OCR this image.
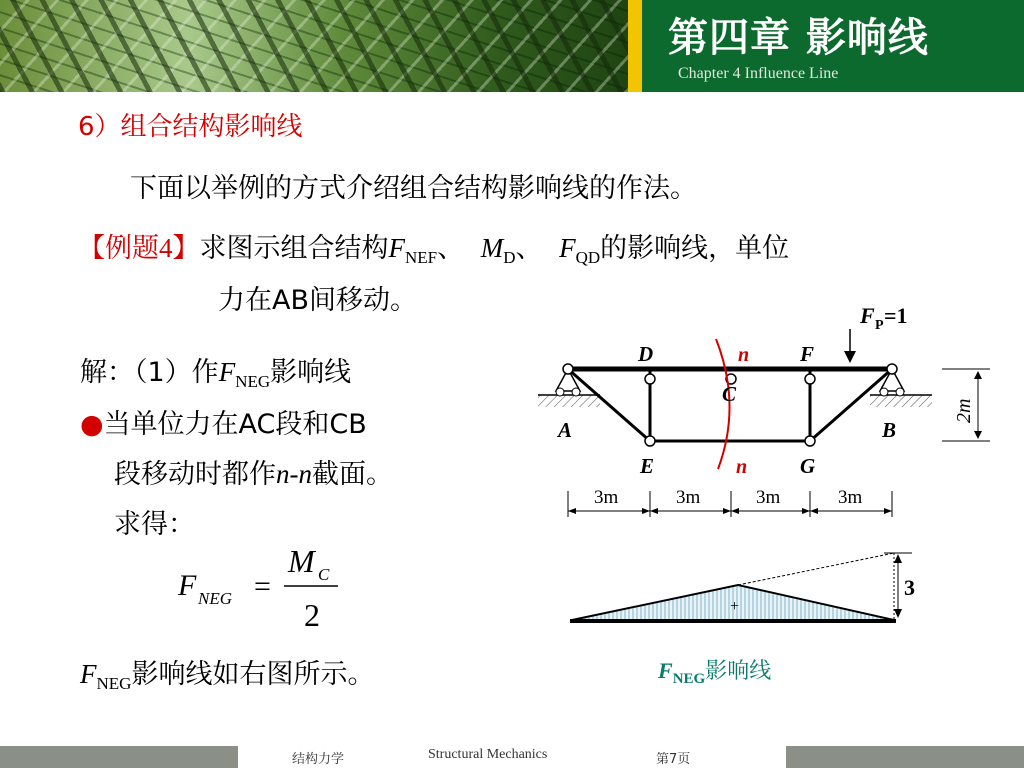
第四章 影响线
Chapter 4 Influence Line
6）组合结构影响线
下面以举例的方式介绍组合结构影响线的作法。
【例题4】求图示组合结构$F_{NEF}$、 $M_D$、 $F_{QD}$的影响线，单位
力在AB间移动。
解：（1）作$F_{NEG}$影响线
●当单位力在AC段和CB
段移动时都作n-n截面。
求得：
F NEG =
M C
2
$F_{NEG}$影响线如右图所示。
F P =1
n
n
D	F
C
A	B
E	G
2m
3m	3m	3m	3m
3
+
$F_{NEG}$影响线
结构力学	Structural Mechanics	第7页
